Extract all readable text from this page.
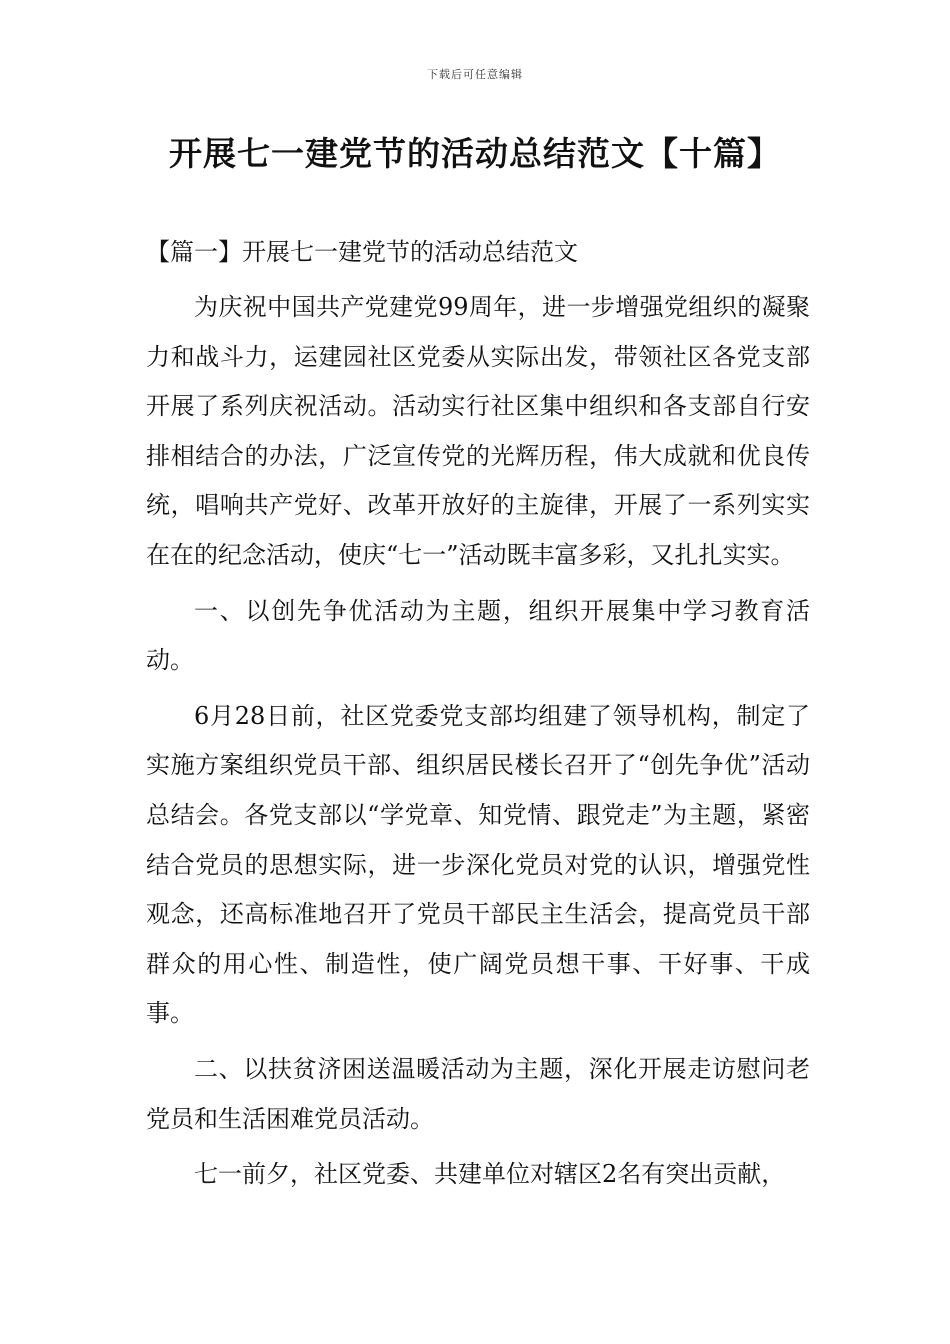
下载后可任意编辑
开展七一建党节的活动总结范文【十篇】

【篇一】开展七一建党节的活动总结范文

为庆祝中国共产党建党99周年，进一步增强党组织的凝聚力和战斗力，运建园社区党委从实际出发，带领社区各党支部开展了系列庆祝活动。活动实行社区集中组织和各支部自行安排相结合的办法，广泛宣传党的光辉历程，伟大成就和优良传统，唱响共产党好、改革开放好的主旋律，开展了一系列实实在在的纪念活动，使庆“七一”活动既丰富多彩，又扎扎实实。

一、以创先争优活动为主题，组织开展集中学习教育活动。

6月28日前，社区党委党支部均组建了领导机构，制定了实施方案组织党员干部、组织居民楼长召开了“创先争优”活动总结会。各党支部以“学党章、知党情、跟党走”为主题，紧密结合党员的思想实际，进一步深化党员对党的认识，增强党性观念，还高标准地召开了党员干部民主生活会，提高党员干部群众的用心性、制造性，使广阔党员想干事、干好事、干成事。

二、以扶贫济困送温暖活动为主题，深化开展走访慰问老党员和生活困难党员活动。

七一前夕，社区党委、共建单位对辖区2名有突出贡献，
